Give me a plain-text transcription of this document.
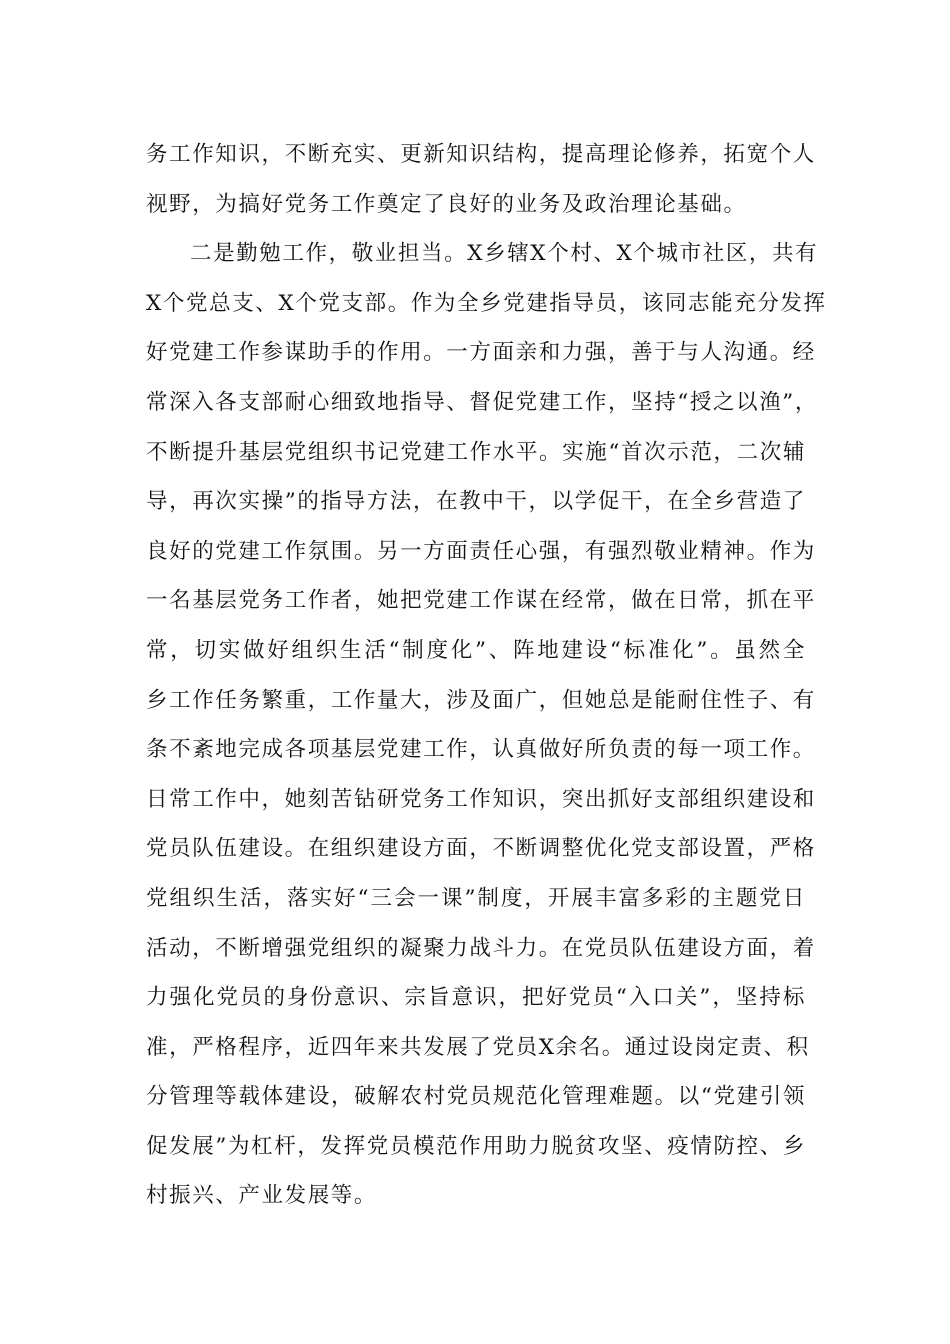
务工作知识，不断充实、更新知识结构，提高理论修养，拓宽个人
视野，为搞好党务工作奠定了良好的业务及政治理论基础。
二是勤勉工作，敬业担当。X乡辖X个村、X个城市社区，共有
X个党总支、X个党支部。作为全乡党建指导员，该同志能充分发挥
好党建工作参谋助手的作用。一方面亲和力强，善于与人沟通。经
常深入各支部耐心细致地指导、督促党建工作，坚持“授之以渔”，
不断提升基层党组织书记党建工作水平。实施“首次示范，二次辅
导，再次实操”的指导方法，在教中干，以学促干，在全乡营造了
良好的党建工作氛围。另一方面责任心强，有强烈敬业精神。作为
一名基层党务工作者，她把党建工作谋在经常，做在日常，抓在平
常，切实做好组织生活“制度化”、阵地建设“标准化”。虽然全
乡工作任务繁重，工作量大，涉及面广，但她总是能耐住性子、有
条不紊地完成各项基层党建工作，认真做好所负责的每一项工作。
日常工作中，她刻苦钻研党务工作知识，突出抓好支部组织建设和
党员队伍建设。在组织建设方面，不断调整优化党支部设置，严格
党组织生活，落实好“三会一课”制度，开展丰富多彩的主题党日
活动，不断增强党组织的凝聚力战斗力。在党员队伍建设方面，着
力强化党员的身份意识、宗旨意识，把好党员“入口关”，坚持标
准，严格程序，近四年来共发展了党员X余名。通过设岗定责、积
分管理等载体建设，破解农村党员规范化管理难题。以“党建引领
促发展”为杠杆，发挥党员模范作用助力脱贫攻坚、疫情防控、乡
村振兴、产业发展等。
